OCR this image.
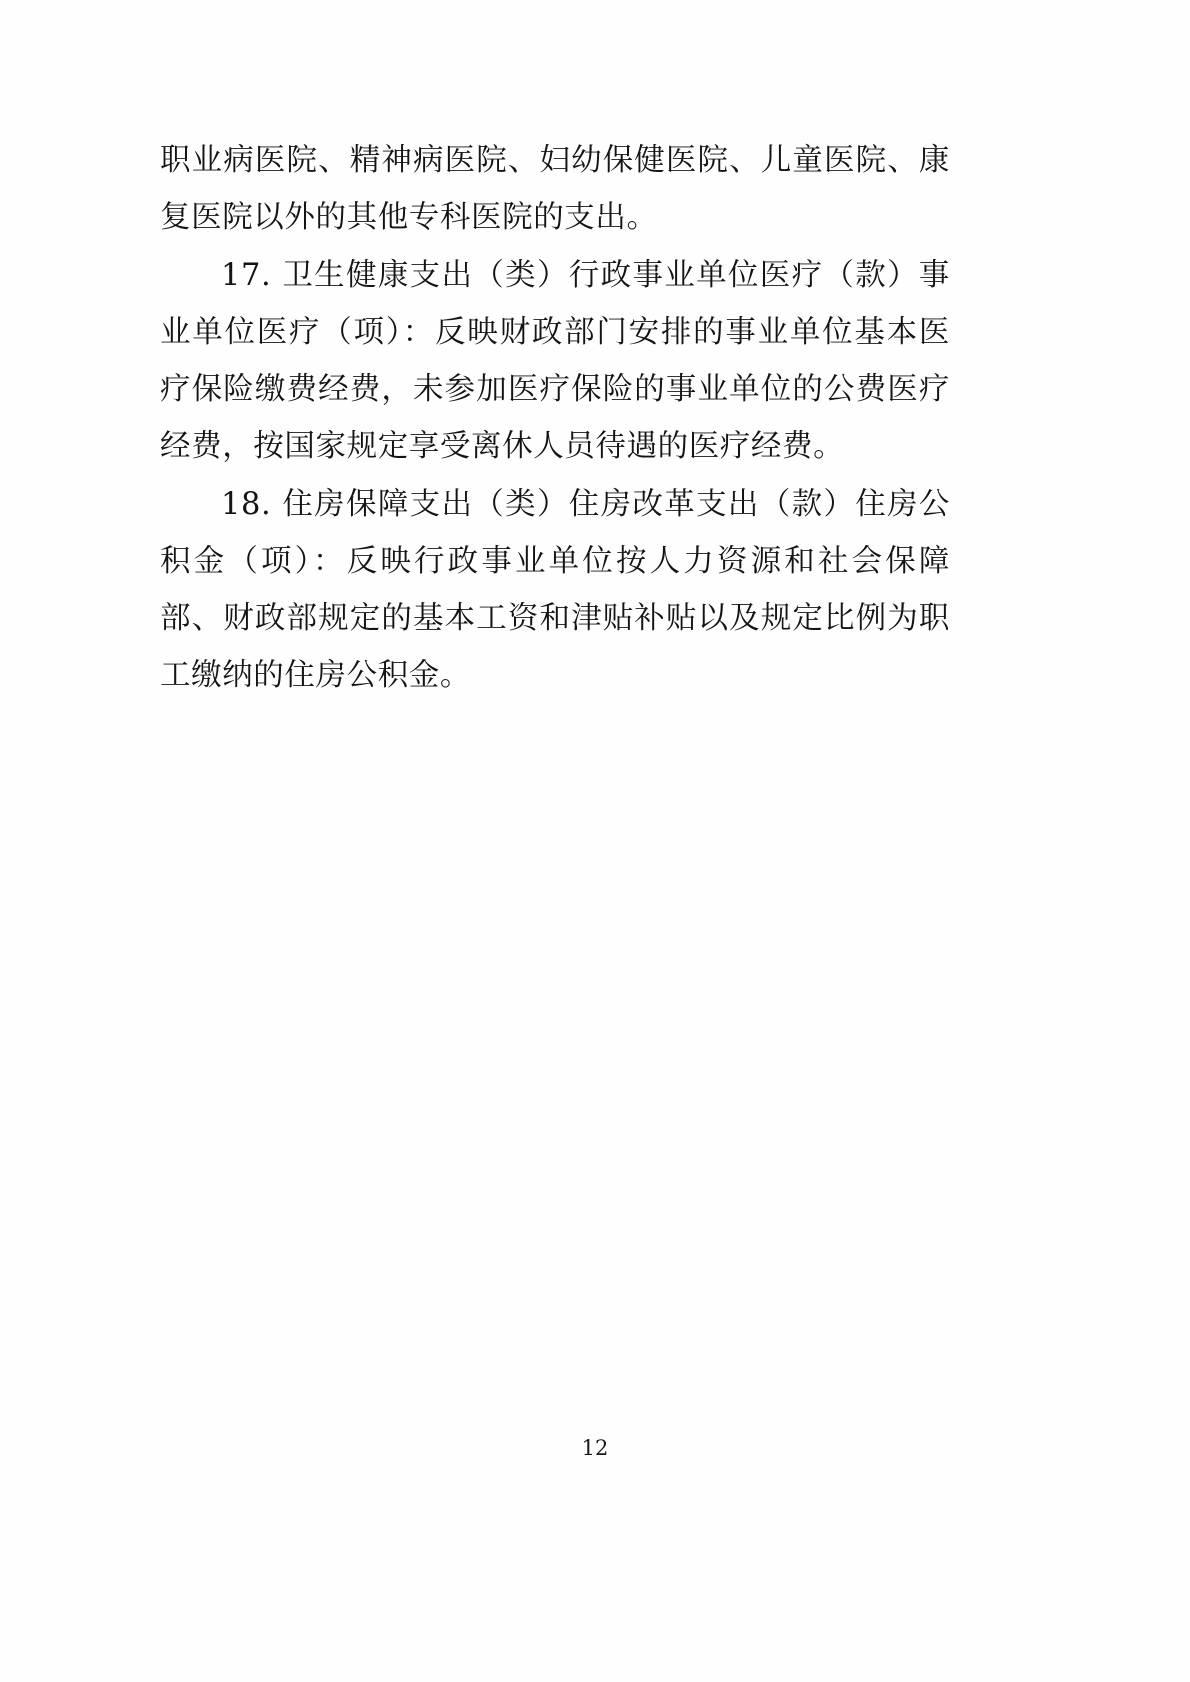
职业病医院、精神病医院、妇幼保健医院、儿童医院、康复医院以外的其他专科医院的支出。

17. 卫生健康支出（类）行政事业单位医疗（款）事业单位医疗（项）：反映财政部门安排的事业单位基本医疗保险缴费经费，未参加医疗保险的事业单位的公费医疗经费，按国家规定享受离休人员待遇的医疗经费。

18. 住房保障支出（类）住房改革支出（款）住房公积金（项）：反映行政事业单位按人力资源和社会保障部、财政部规定的基本工资和津贴补贴以及规定比例为职工缴纳的住房公积金。

12
